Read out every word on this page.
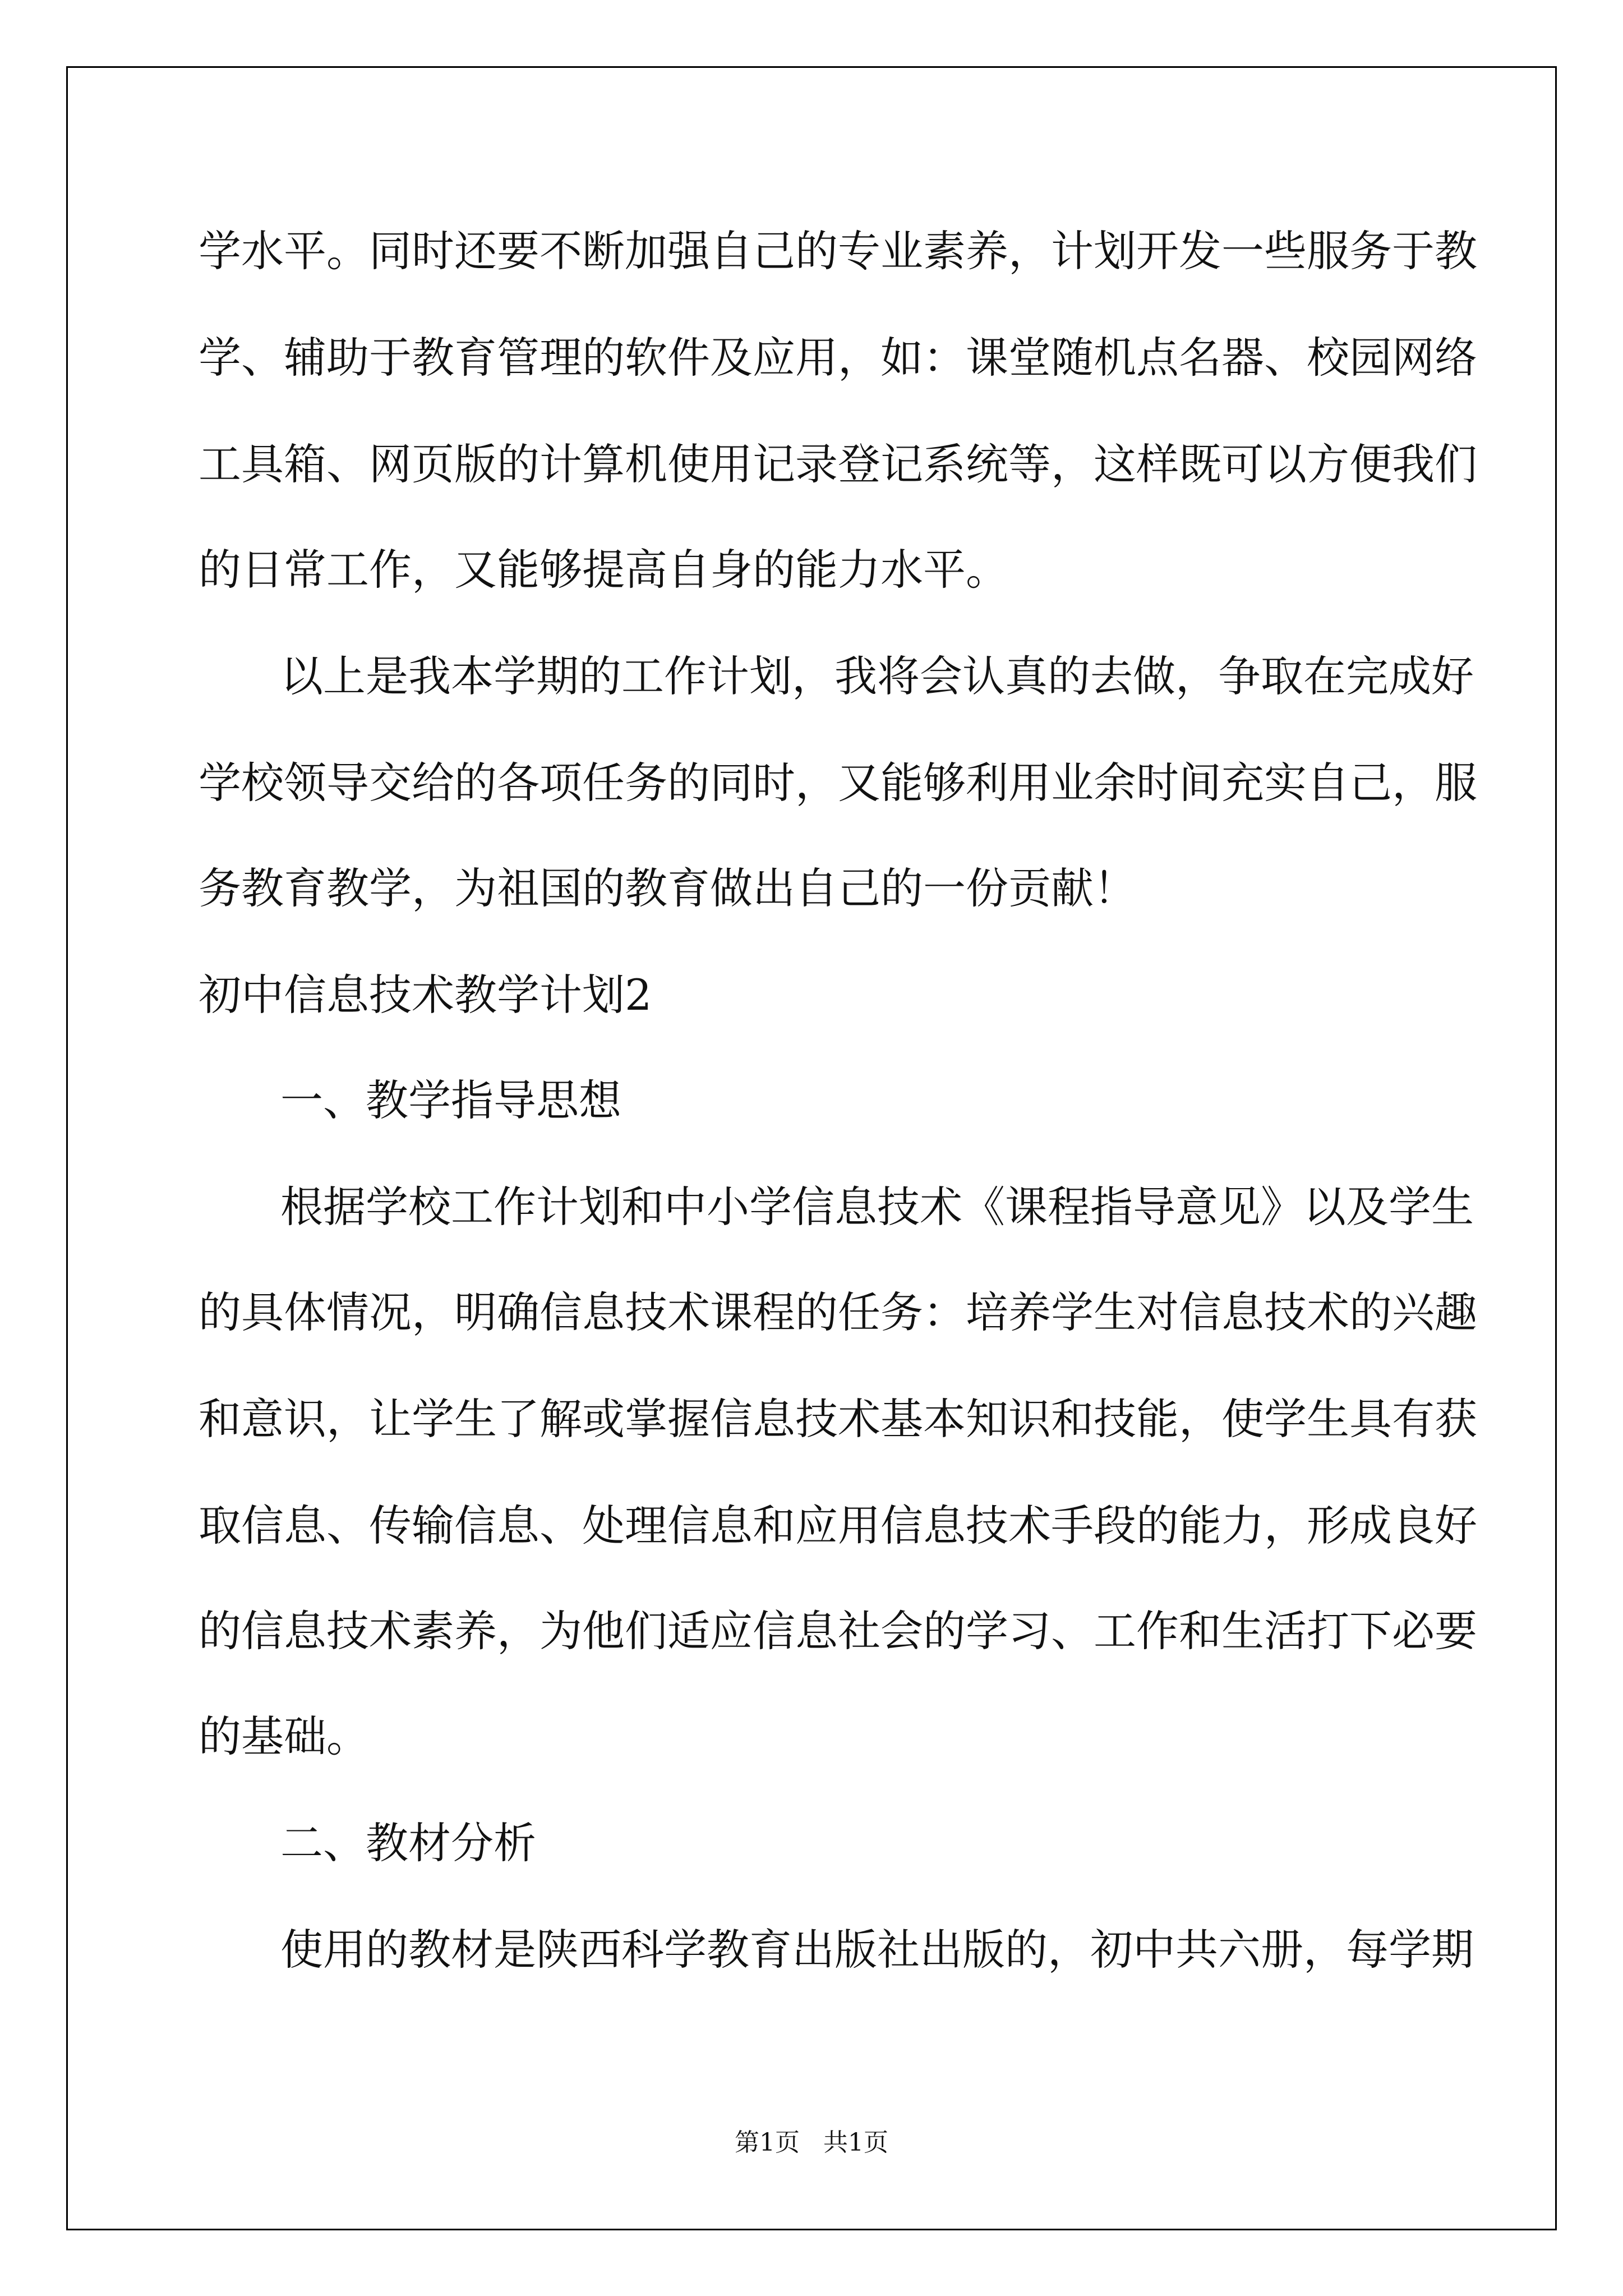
学水平。同时还要不断加强自己的专业素养，计划开发一些服务于教
学、辅助于教育管理的软件及应用，如：课堂随机点名器、校园网络
工具箱、网页版的计算机使用记录登记系统等，这样既可以方便我们
的日常工作，又能够提高自身的能力水平。
以上是我本学期的工作计划，我将会认真的去做，争取在完成好
学校领导交给的各项任务的同时，又能够利用业余时间充实自己，服
务教育教学，为祖国的教育做出自己的一份贡献！
初中信息技术教学计划2
一、教学指导思想
根据学校工作计划和中小学信息技术《课程指导意见》以及学生
的具体情况，明确信息技术课程的任务：培养学生对信息技术的兴趣
和意识，让学生了解或掌握信息技术基本知识和技能，使学生具有获
取信息、传输信息、处理信息和应用信息技术手段的能力，形成良好
的信息技术素养，为他们适应信息社会的学习、工作和生活打下必要
的基础。
二、教材分析
使用的教材是陕西科学教育出版社出版的，初中共六册，每学期
第1页 共1页
